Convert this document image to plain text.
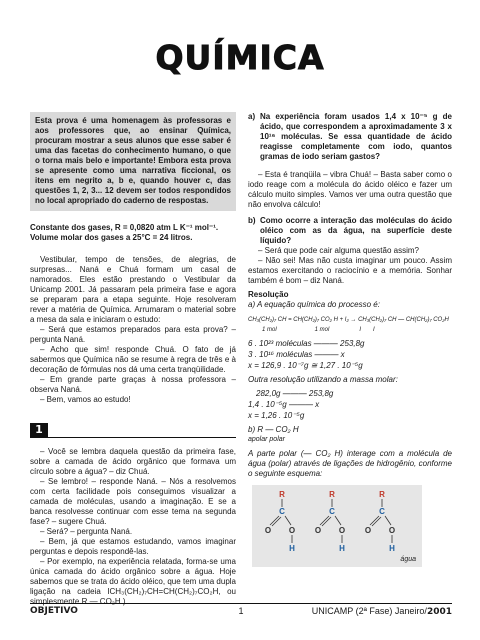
QUÍMICA
Esta prova é uma homenagem às professoras e aos professores que, ao ensinar Química, procuram mostrar a seus alunos que esse saber é uma das facetas do conhecimento humano, o que o torna mais belo e importante! Embora esta prova se apresente como uma narrativa ficcional, os itens em negrito a, b e, quando houver c, das questões 1, 2, 3... 12 devem ser todos respondidos no local apropriado do caderno de respostas.
Constante dos gases, R = 0,0820 atm L K⁻¹ mol⁻¹.
Volume molar dos gases a 25°C = 24 litros.

Vestibular, tempo de tensões, de alegrias, de surpresas... Naná e Chuá formam um casal de namorados. Eles estão prestando o Vestibular da Unicamp 2001. Já passaram pela primeira fase e agora se preparam para a etapa seguinte. Hoje resolveram rever a matéria de Química. Arrumaram o material sobre a mesa da sala e iniciaram o estudo:

– Será que estamos preparados para esta prova? – pergunta Naná.

– Acho que sim! responde Chuá. O fato de já sabermos que Química não se resume à regra de três e à decoração de fórmulas nos dá uma certa tranqüilidade.

– Em grande parte graças à nossa professora – observa Naná.

– Bem, vamos ao estudo!

1

– Você se lembra daquela questão da primeira fase, sobre a camada de ácido orgânico que formava um círculo sobre a água? – diz Chuá.

– Se lembro! – responde Naná. – Nós a resolvemos com certa facilidade pois conseguimos visualizar a camada de moléculas, usando a imaginação. E se a banca resolvesse continuar com esse tema na segunda fase? – sugere Chuá.

– Será? – pergunta Naná.

– Bem, já que estamos estudando, vamos imaginar perguntas e depois respondê-las.

– Por exemplo, na experiência relatada, forma-se uma única camada do ácido orgânico sobre a água. Hoje sabemos que se trata do ácido oléico, que tem uma dupla ligação na cadeia ICH₃(CH₂)₇CH=CH(CH₂)₇CO₂H, ou simplesmente R — CO₂H ).

a) Na experiência foram usados 1,4 x 10⁻⁵ g de ácido, que correspondem a aproximadamente 3 x 10¹⁶ moléculas. Se essa quantidade de ácido reagisse completamente com iodo, quantos gramas de iodo seriam gastos?

– Esta é tranqüila – vibra Chuá! – Basta saber como o iodo reage com a molécula do ácido oléico e fazer um cálculo muito simples. Vamos ver uma outra questão que não envolva cálculo!

b) Como ocorre a interação das moléculas do ácido oléico com as da água, na superfície deste líquido?

– Será que pode cair alguma questão assim?

– Não sei! Mas não custa imaginar um pouco. Assim estamos exercitando o raciocínio e a memória. Sonhar também é bom – diz Naná.

Resolução
a) A equação química do processo é:
CH₃(CH₂)₇ CH = CH(CH₂)₇ CO₂ H + I₂ → CH₃(CH₂)₇ CH — CH(CH₂)₇ CO₂H
1 mol	1 mol	I I
6 . 10²³ moléculas ——— 253,8g
3 . 10¹⁶ moléculas ——— x
x = 126,9 . 10⁻⁷g ≅ 1,27 . 10⁻⁵g
Outra resolução utilizando a massa molar:
282,0g ——— 253,8g
1,4 . 10⁻⁵g ——— x
x = 1,26 . 10⁻⁵g
b) R — CO₂ H
apolar polar

A parte polar (— CO₂ H) interage com a molécula de água (polar) através de ligações de hidrogênio, conforme o seguinte esquema:

R
C
O O
H
R
C
O O
H
R
C
O O
H
água
OBJETIVO	1	UNICAMP (2ª Fase) Janeiro/2001
